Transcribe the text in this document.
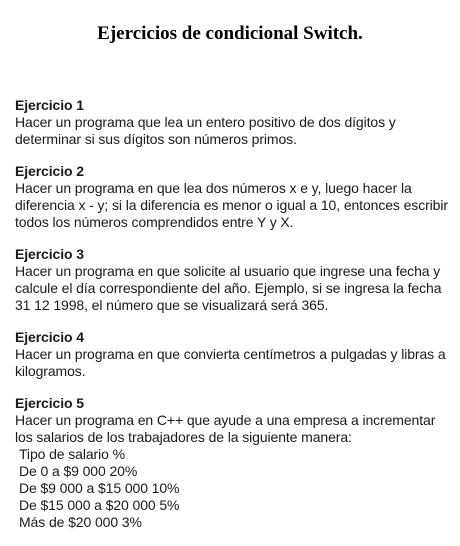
Ejercicios de condicional Switch.
Ejercicio 1
Hacer un programa que lea un entero positivo de dos dígitos y determinar si sus dígitos son números primos.
Ejercicio 2
Hacer un programa en que lea dos números x e y, luego hacer la diferencia x - y; si la diferencia es menor o igual a 10, entonces escribir todos los números comprendidos entre Y y X.
Ejercicio 3
Hacer un programa en que solicite al usuario que ingrese una fecha y calcule el día correspondiente del año. Ejemplo, si se ingresa la fecha 31 12 1998, el número que se visualizará será 365.
Ejercicio 4
Hacer un programa en que convierta centímetros a pulgadas y libras a kilogramos.
Ejercicio 5
Hacer un programa en C++ que ayude a una empresa a incrementar los salarios de los trabajadores de la siguiente manera:
Tipo de salario %
De 0 a $9 000 20%
De $9 000 a $15 000 10%
De $15 000 a $20 000 5%
Más de $20 000 3%
